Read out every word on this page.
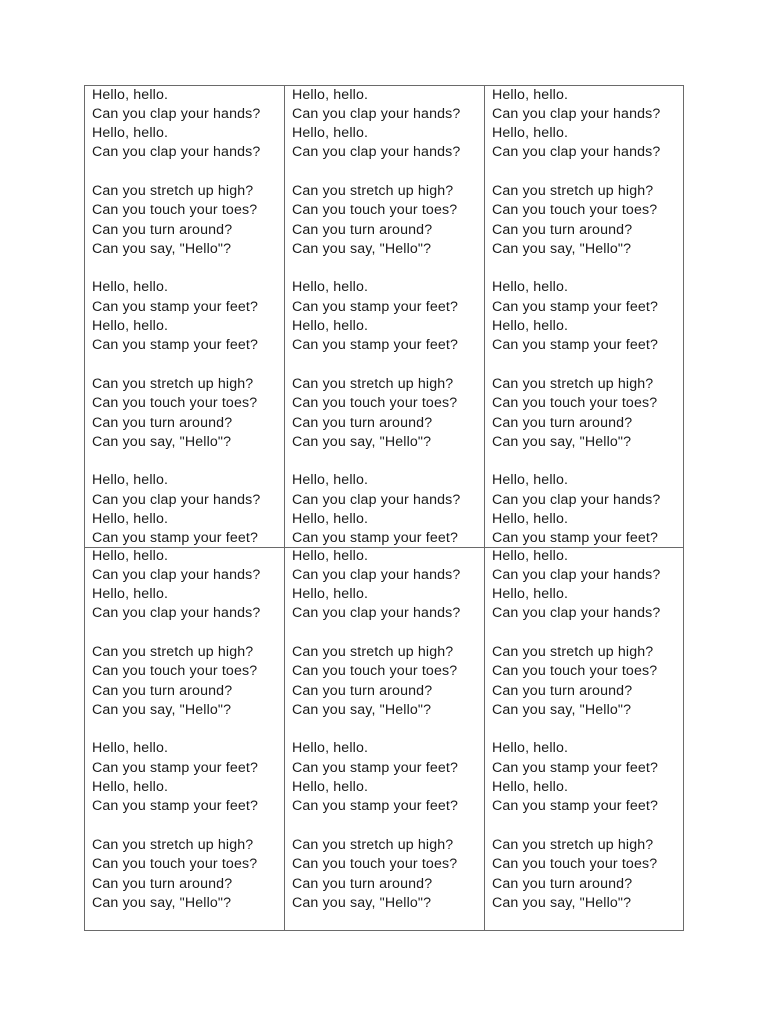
Hello, hello.
Can you clap your hands?
Hello, hello.
Can you clap your hands?
Can you stretch up high?
Can you touch your toes?
Can you turn around?
Can you say, "Hello"?
Hello, hello.
Can you stamp your feet?
Hello, hello.
Can you stamp your feet?
Can you stretch up high?
Can you touch your toes?
Can you turn around?
Can you say, "Hello"?
Hello, hello.
Can you clap your hands?
Hello, hello.
Can you stamp your feet?
Hello, hello.
Can you clap your hands?
Hello, hello.
Can you clap your hands?
Can you stretch up high?
Can you touch your toes?
Can you turn around?
Can you say, "Hello"?
Hello, hello.
Can you stamp your feet?
Hello, hello.
Can you stamp your feet?
Can you stretch up high?
Can you touch your toes?
Can you turn around?
Can you say, "Hello"?
Hello, hello.
Can you clap your hands?
Hello, hello.
Can you stamp your feet?
Hello, hello.
Can you clap your hands?
Hello, hello.
Can you clap your hands?
Can you stretch up high?
Can you touch your toes?
Can you turn around?
Can you say, "Hello"?
Hello, hello.
Can you stamp your feet?
Hello, hello.
Can you stamp your feet?
Can you stretch up high?
Can you touch your toes?
Can you turn around?
Can you say, "Hello"?
Hello, hello.
Can you clap your hands?
Hello, hello.
Can you stamp your feet?
Hello, hello.
Can you clap your hands?
Hello, hello.
Can you clap your hands?
Can you stretch up high?
Can you touch your toes?
Can you turn around?
Can you say, "Hello"?
Hello, hello.
Can you stamp your feet?
Hello, hello.
Can you stamp your feet?
Can you stretch up high?
Can you touch your toes?
Can you turn around?
Can you say, "Hello"?
Hello, hello.
Can you clap your hands?
Hello, hello.
Can you clap your hands?
Can you stretch up high?
Can you touch your toes?
Can you turn around?
Can you say, "Hello"?
Hello, hello.
Can you stamp your feet?
Hello, hello.
Can you stamp your feet?
Can you stretch up high?
Can you touch your toes?
Can you turn around?
Can you say, "Hello"?
Hello, hello.
Can you clap your hands?
Hello, hello.
Can you clap your hands?
Can you stretch up high?
Can you touch your toes?
Can you turn around?
Can you say, "Hello"?
Hello, hello.
Can you stamp your feet?
Hello, hello.
Can you stamp your feet?
Can you stretch up high?
Can you touch your toes?
Can you turn around?
Can you say, "Hello"?
